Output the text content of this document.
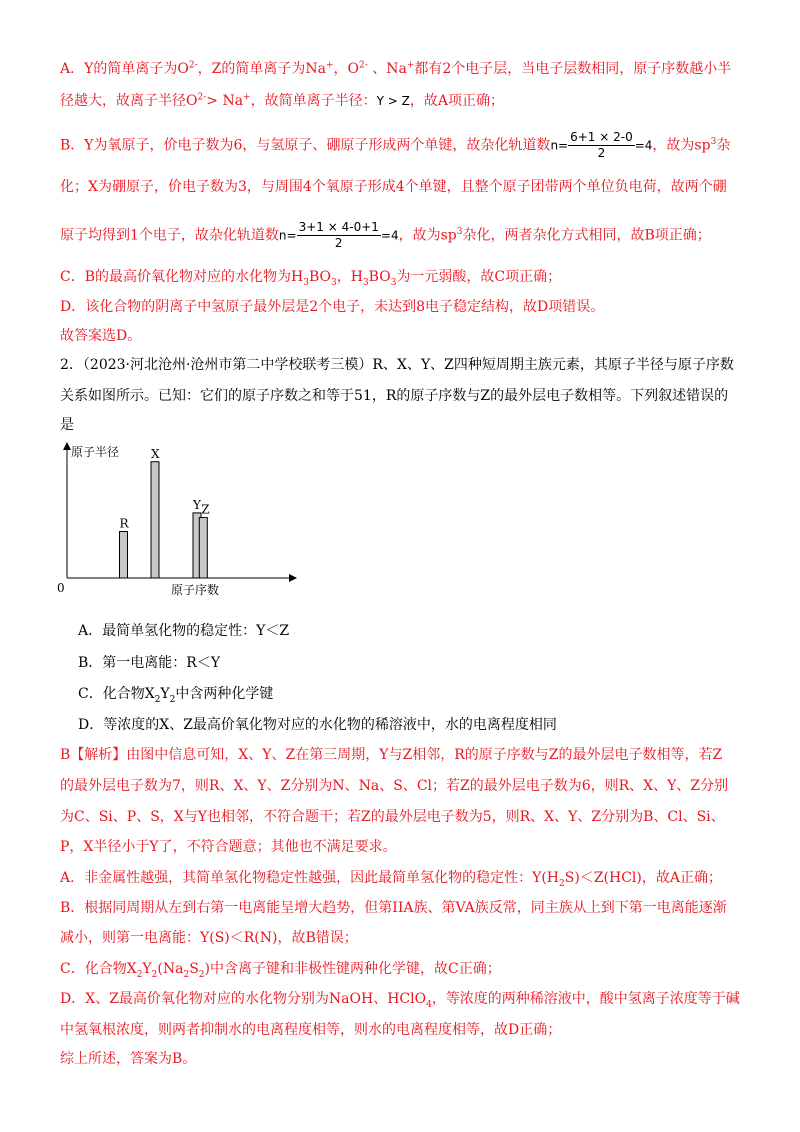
A．Y的简单离子为$O^{2-}$，Z的简单离子为Na+，$O^{2-}$ 、Na+都有2个电子层，当电子层数相同，原子序数越小半
径越大，故离子半径$O^{2-}> Na^+$，故简单离子半径：Y > Z，故A项正确；
B．Y为氧原子，价电子数为6，与氢原子、硼原子形成两个单键，故杂化轨道数$n= \frac{6+1 \times 2-0}{2} =4$，故为$sp^3$杂
化；X为硼原子，价电子数为3，与周围4个氧原子形成4个单键，且整个原子团带两个单位负电荷，故两个硼
原子均得到1个电子，故杂化轨道数$n= \frac{3+1 \times 4-0+1}{2} =4$，故为$sp^3$杂化，两者杂化方式相同，故B项正确；
C．B的最高价氧化物对应的水化物为$H_3BO_3$，$H_3BO_3$为一元弱酸，故C项正确；
D．该化合物的阴离子中氢原子最外层是2个电子，未达到8电子稳定结构，故D项错误。
故答案选D。
2．（2023·河北沧州·沧州市第二中学校联考三模）R、X、Y、Z四种短周期主族元素，其原子半径与原子序数
关系如图所示。已知：它们的原子序数之和等于51，R的原子序数与Z的最外层电子数相等。下列叙述错误的
是
原子半径
原子序数
0
R
X
Y Z
A．最简单氢化物的稳定性：Y＜Z
B．第一电离能：R＜Y
C．化合物$X_2Y_2$中含两种化学键
D．等浓度的X、Z最高价氧化物对应的水化物的稀溶液中，水的电离程度相同
B【解析】由图中信息可知，X、Y、Z在第三周期，Y与Z相邻，R的原子序数与Z的最外层电子数相等，若Z
的最外层电子数为7，则R、X、Y、Z分别为N、Na、S、Cl；若Z的最外层电子数为6，则R、X、Y、Z分别
为C、Si、P、S，X与Y也相邻，不符合题干；若Z的最外层电子数为5，则R、X、Y、Z分别为B、Cl、Si、
P，X半径小于Y了，不符合题意；其他也不满足要求。
A．非金属性越强，其简单氢化物稳定性越强，因此最简单氢化物的稳定性：$Y(H_2S)<Z(HCl)$，故A正确；
B．根据同周期从左到右第一电离能呈增大趋势，但第IIA族、第VA族反常，同主族从上到下第一电离能逐渐
减小，则第一电离能：Y(S)＜R(N)，故B错误；
C．化合物$X_2Y_2(Na_2S_2)$中含离子键和非极性键两种化学键，故C正确；
D．X、Z最高价氧化物对应的水化物分别为NaOH、HClO$_4$，等浓度的两种稀溶液中，酸中氢离子浓度等于碱
中氢氧根浓度，则两者抑制水的电离程度相等，则水的电离程度相等，故D正确；
综上所述，答案为B。
